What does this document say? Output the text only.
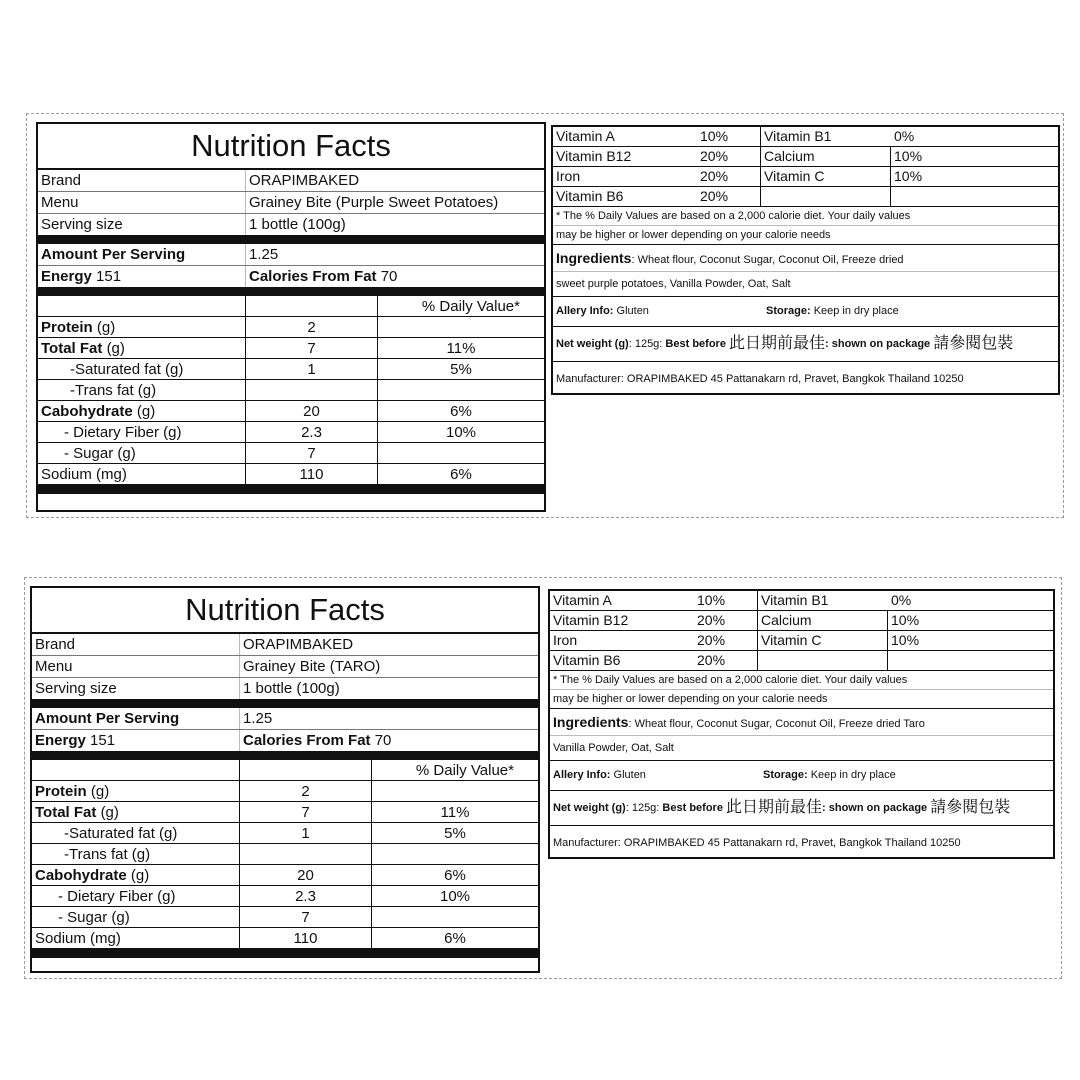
Nutrition Facts
Brand	ORAPIMBAKED
Menu	Grainey Bite (Purple Sweet Potatoes)
Serving size	1 bottle (100g)
Amount Per Serving	1.25
Energy 151	Calories From Fat 70
% Daily Value*
Protein (g)	2
Total Fat (g)	7	11%
-Saturated fat (g)	1	5%
-Trans fat (g)
Cabohydrate (g)	20	6%
- Dietary Fiber (g)	2.3	10%
- Sugar (g)	7
Sodium (mg)	110	6%
Vitamin A	10%	Vitamin B1	0%
Vitamin B12	20%	Calcium	10%
Iron	20%	Vitamin C	10%
Vitamin B6	20%
* The % Daily Values are based on a 2,000 calorie diet. Your daily values
may be higher or lower depending on your calorie needs
Ingredients: Wheat flour, Coconut Sugar, Coconut Oil, Freeze dried
sweet purple potatoes, Vanilla Powder, Oat, Salt
Allery Info: Gluten	Storage: Keep in dry place
Net weight (g) : 125g:
Best before
此日期前最佳 : shown on package
請參閱包裝
Manufacturer: ORAPIMBAKED 45 Pattanakarn rd, Pravet, Bangkok Thailand 10250
Nutrition Facts
Brand	ORAPIMBAKED
Menu	Grainey Bite (TARO)
Serving size	1 bottle (100g)
Amount Per Serving	1.25
Energy 151	Calories From Fat 70
% Daily Value*
Protein (g)	2
Total Fat (g)	7	11%
-Saturated fat (g)	1	5%
-Trans fat (g)
Cabohydrate (g)	20	6%
- Dietary Fiber (g)	2.3	10%
- Sugar (g)	7
Sodium (mg)	110	6%
Vitamin A	10%	Vitamin B1	0%
Vitamin B12	20%	Calcium	10%
Iron	20%	Vitamin C	10%
Vitamin B6	20%
* The % Daily Values are based on a 2,000 calorie diet. Your daily values
may be higher or lower depending on your calorie needs
Ingredients: Wheat flour, Coconut Sugar, Coconut Oil, Freeze dried Taro
Vanilla Powder, Oat, Salt
Allery Info: Gluten	Storage: Keep in dry place
Net weight (g) : 125g:
Best before
此日期前最佳 : shown on package
請參閱包裝
Manufacturer: ORAPIMBAKED 45 Pattanakarn rd, Pravet, Bangkok Thailand 10250
